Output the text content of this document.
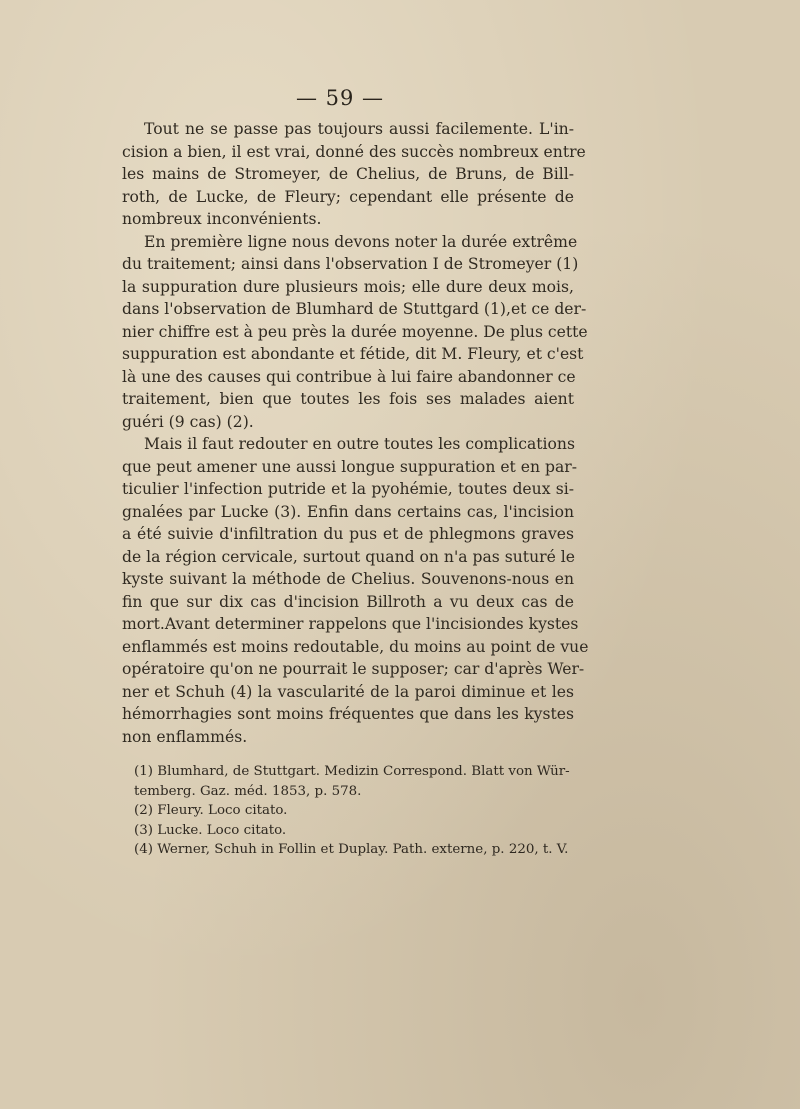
— 59 —

Tout ne se passe pas toujours aussi facilemente. L'in-
cision a bien, il est vrai, donné des succès nombreux entre
les mains de Stromeyer, de Chelius, de Bruns, de Bill-
roth, de Lucke, de Fleury; cependant elle présente de
nombreux inconvénients.

En première ligne nous devons noter la durée extrême
du traitement; ainsi dans l'observation I de Stromeyer (1)
la suppuration dure plusieurs mois; elle dure deux mois,
dans l'observation de Blumhard de Stuttgard (1),et ce der-
nier chiffre est à peu près la durée moyenne. De plus cette
suppuration est abondante et fétide, dit M. Fleury, et c'est
là une des causes qui contribue à lui faire abandonner ce
traitement, bien que toutes les fois ses malades aient
guéri (9 cas) (2).

Mais il faut redouter en outre toutes les complications
que peut amener une aussi longue suppuration et en par-
ticulier l'infection putride et la pyohémie, toutes deux si-
gnalées par Lucke (3). Enfin dans certains cas, l'incision
a été suivie d'infiltration du pus et de phlegmons graves
de la région cervicale, surtout quand on n'a pas suturé le
kyste suivant la méthode de Chelius. Souvenons-nous en
fin que sur dix cas d'incision Billroth a vu deux cas de
mort.Avant determiner rappelons que l'incisiondes kystes
enflammés est moins redoutable, du moins au point de vue
opératoire qu'on ne pourrait le supposer; car d'après Wer-
ner et Schuh (4) la vascularité de la paroi diminue et les
hémorrhagies sont moins fréquentes que dans les kystes
non enflammés.

(1) Blumhard, de Stuttgart. Medizin Correspond. Blatt von Wür-
temberg. Gaz. méd. 1853, p. 578.
(2) Fleury. Loco citato.
(3) Lucke. Loco citato.
(4) Werner, Schuh in Follin et Duplay. Path. externe, p. 220, t. V.
